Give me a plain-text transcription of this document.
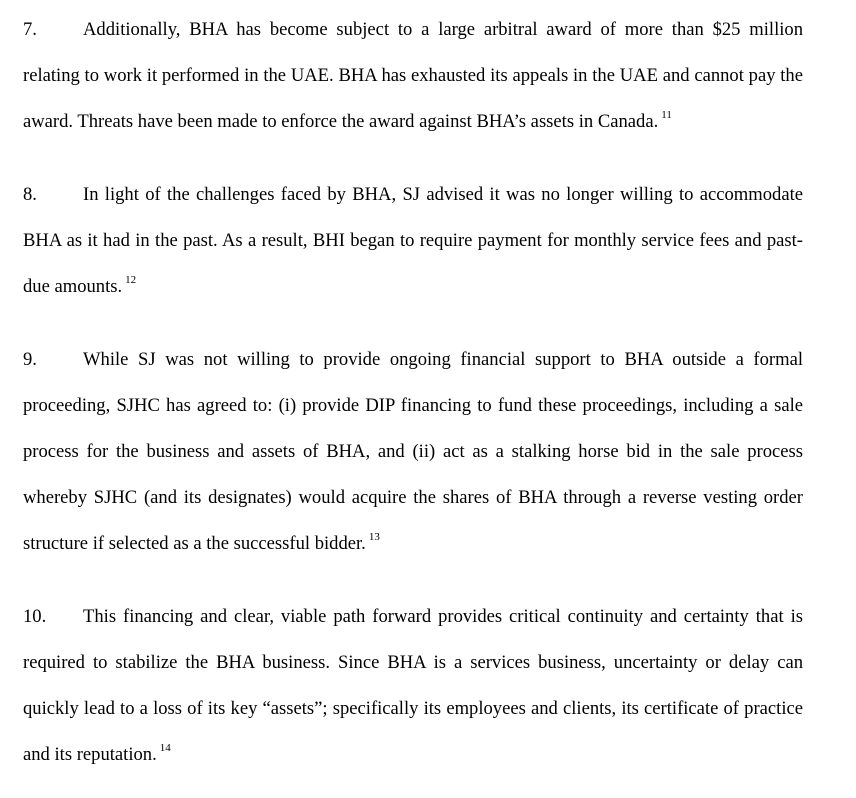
7. Additionally, BHA has become subject to a large arbitral award of more than $25 million relating to work it performed in the UAE. BHA has exhausted its appeals in the UAE and cannot pay the award. Threats have been made to enforce the award against BHA’s assets in Canada. $^{11}$

8. In light of the challenges faced by BHA, SJ advised it was no longer willing to accommodate BHA as it had in the past. As a result, BHI began to require payment for monthly service fees and past-due amounts. $^{12}$

9. While SJ was not willing to provide ongoing financial support to BHA outside a formal proceeding, SJHC has agreed to: (i) provide DIP financing to fund these proceedings, including a sale process for the business and assets of BHA, and (ii) act as a stalking horse bid in the sale process whereby SJHC (and its designates) would acquire the shares of BHA through a reverse vesting order structure if selected as a the successful bidder. $^{13}$

10. This financing and clear, viable path forward provides critical continuity and certainty that is required to stabilize the BHA business. Since BHA is a services business, uncertainty or delay can quickly lead to a loss of its key “assets”; specifically its employees and clients, its certificate of practice and its reputation. $^{14}$
